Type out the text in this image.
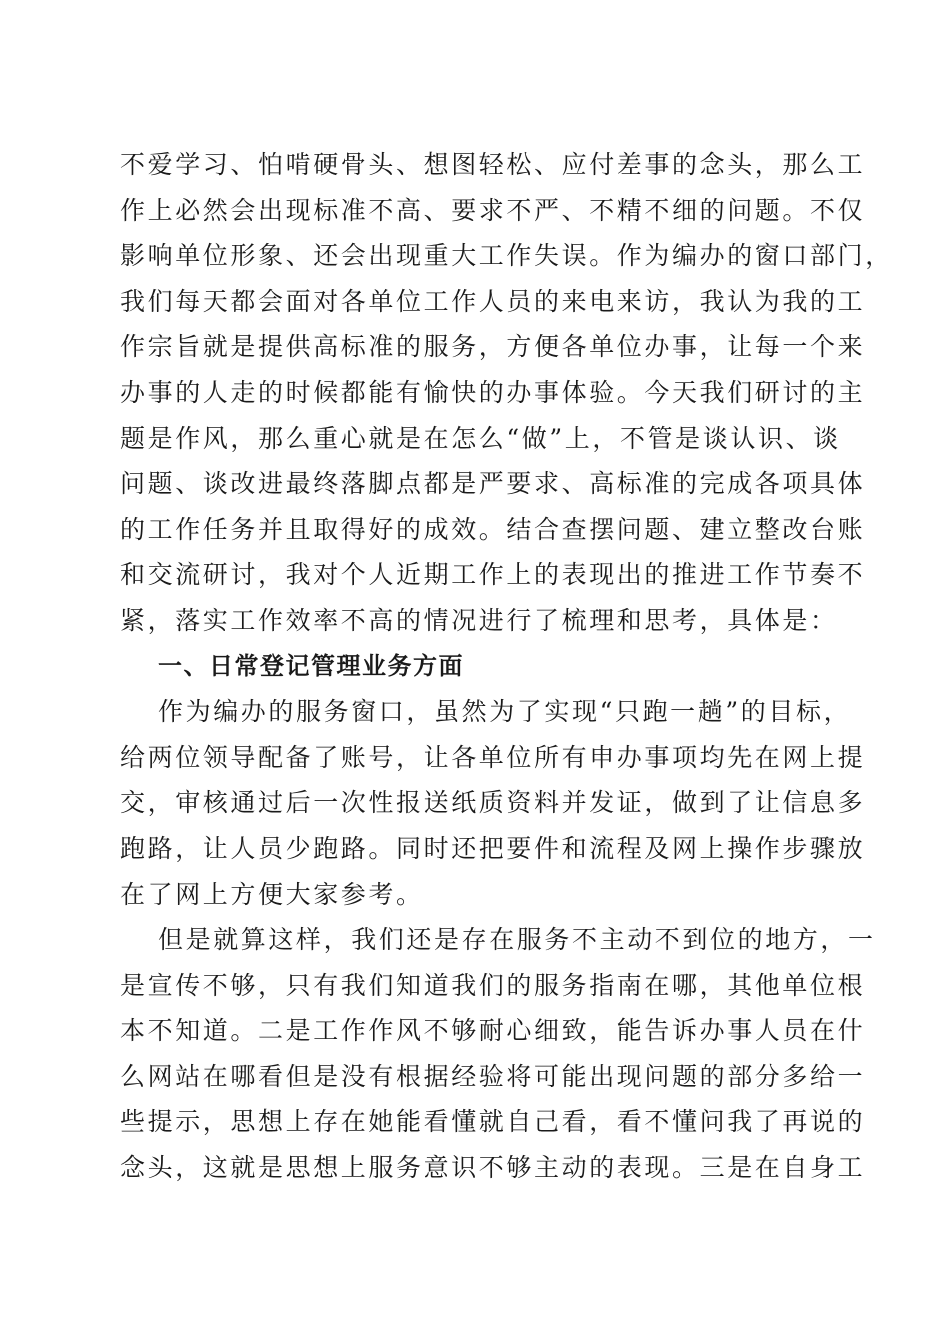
不爱学习、怕啃硬骨头、想图轻松、应付差事的念头，那么工
作上必然会出现标准不高、要求不严、不精不细的问题。不仅
影响单位形象、还会出现重大工作失误。作为编办的窗口部门，
我们每天都会面对各单位工作人员的来电来访，我认为我的工
作宗旨就是提供高标准的服务，方便各单位办事，让每一个来
办事的人走的时候都能有愉快的办事体验。今天我们研讨的主
题是作风，那么重心就是在怎么“做”上，不管是谈认识、谈
问题、谈改进最终落脚点都是严要求、高标准的完成各项具体
的工作任务并且取得好的成效。结合查摆问题、建立整改台账
和交流研讨，我对个人近期工作上的表现出的推进工作节奏不
紧，落实工作效率不高的情况进行了梳理和思考，具体是：
一、日常登记管理业务方面
作为编办的服务窗口，虽然为了实现“只跑一趟”的目标，
给两位领导配备了账号，让各单位所有申办事项均先在网上提
交，审核通过后一次性报送纸质资料并发证，做到了让信息多
跑路，让人员少跑路。同时还把要件和流程及网上操作步骤放
在了网上方便大家参考。
但是就算这样，我们还是存在服务不主动不到位的地方，一
是宣传不够，只有我们知道我们的服务指南在哪，其他单位根
本不知道。二是工作作风不够耐心细致，能告诉办事人员在什
么网站在哪看但是没有根据经验将可能出现问题的部分多给一
些提示，思想上存在她能看懂就自己看，看不懂问我了再说的
念头，这就是思想上服务意识不够主动的表现。三是在自身工
